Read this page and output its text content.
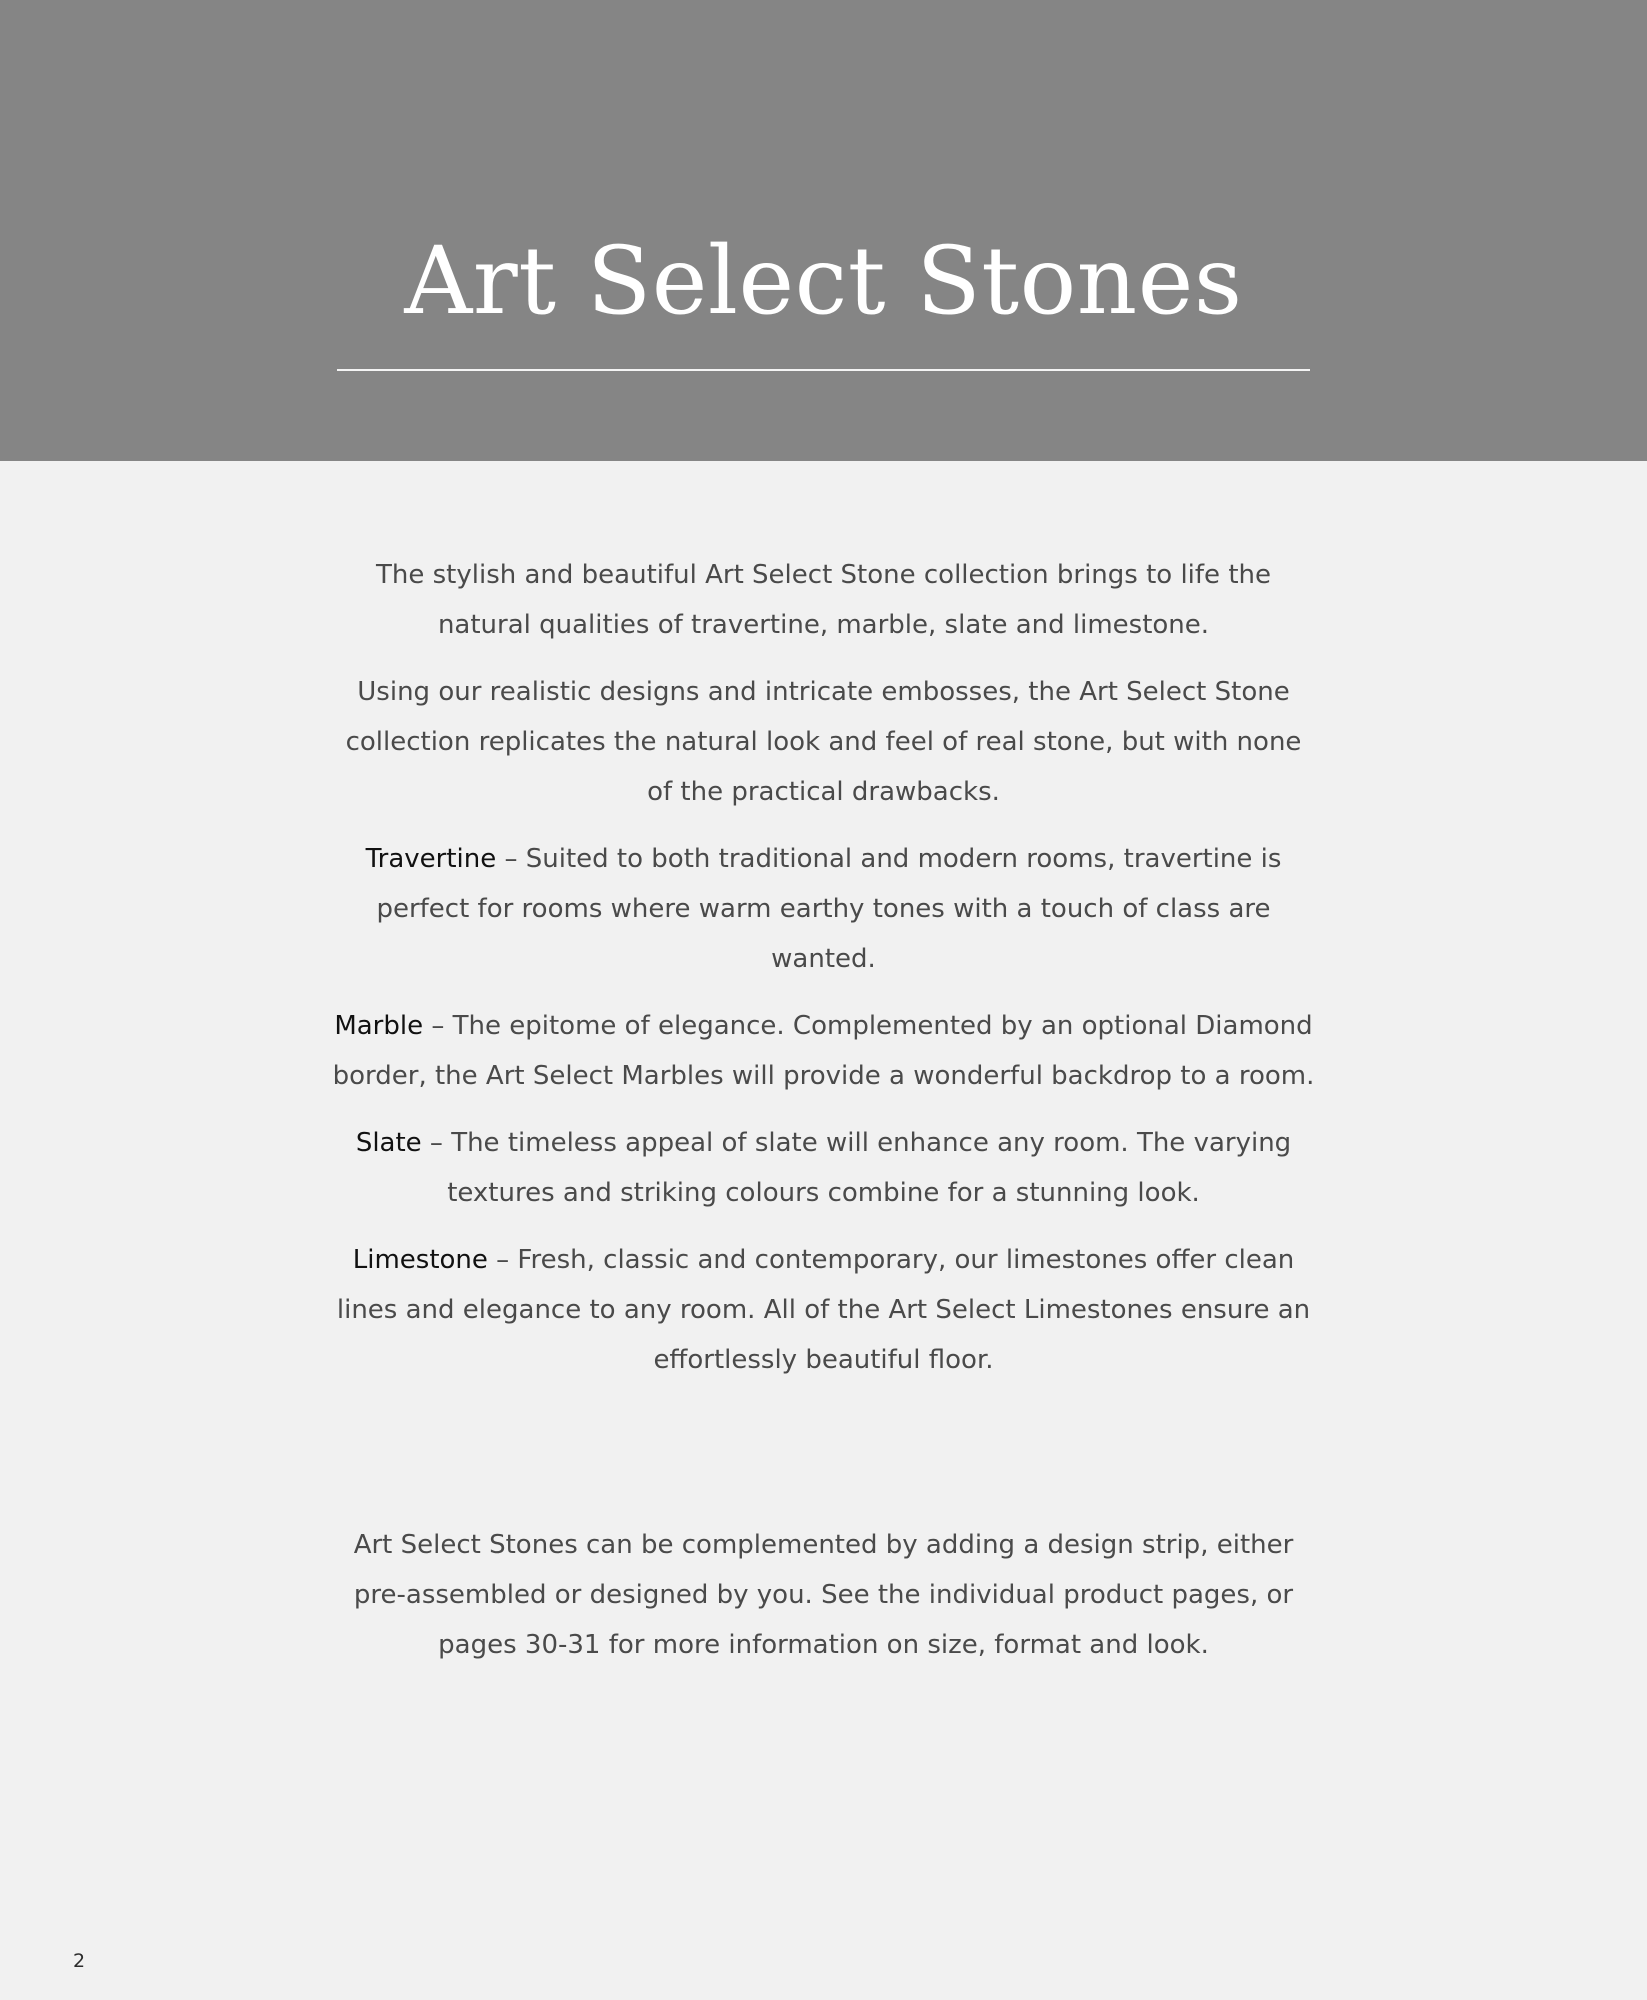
Art Select Stones

The stylish and beautiful Art Select Stone collection brings to life the natural qualities of travertine, marble, slate and limestone.

Using our realistic designs and intricate embosses, the Art Select Stone collection replicates the natural look and feel of real stone, but with none of the practical drawbacks.

Travertine – Suited to both traditional and modern rooms, travertine is perfect for rooms where warm earthy tones with a touch of class are wanted.

Marble – The epitome of elegance. Complemented by an optional Diamond border, the Art Select Marbles will provide a wonderful backdrop to a room.

Slate – The timeless appeal of slate will enhance any room. The varying textures and striking colours combine for a stunning look.

Limestone – Fresh, classic and contemporary, our limestones offer clean lines and elegance to any room. All of the Art Select Limestones ensure an effortlessly beautiful floor.

Art Select Stones can be complemented by adding a design strip, either pre-assembled or designed by you. See the individual product pages, or pages 30-31 for more information on size, format and look.

2
